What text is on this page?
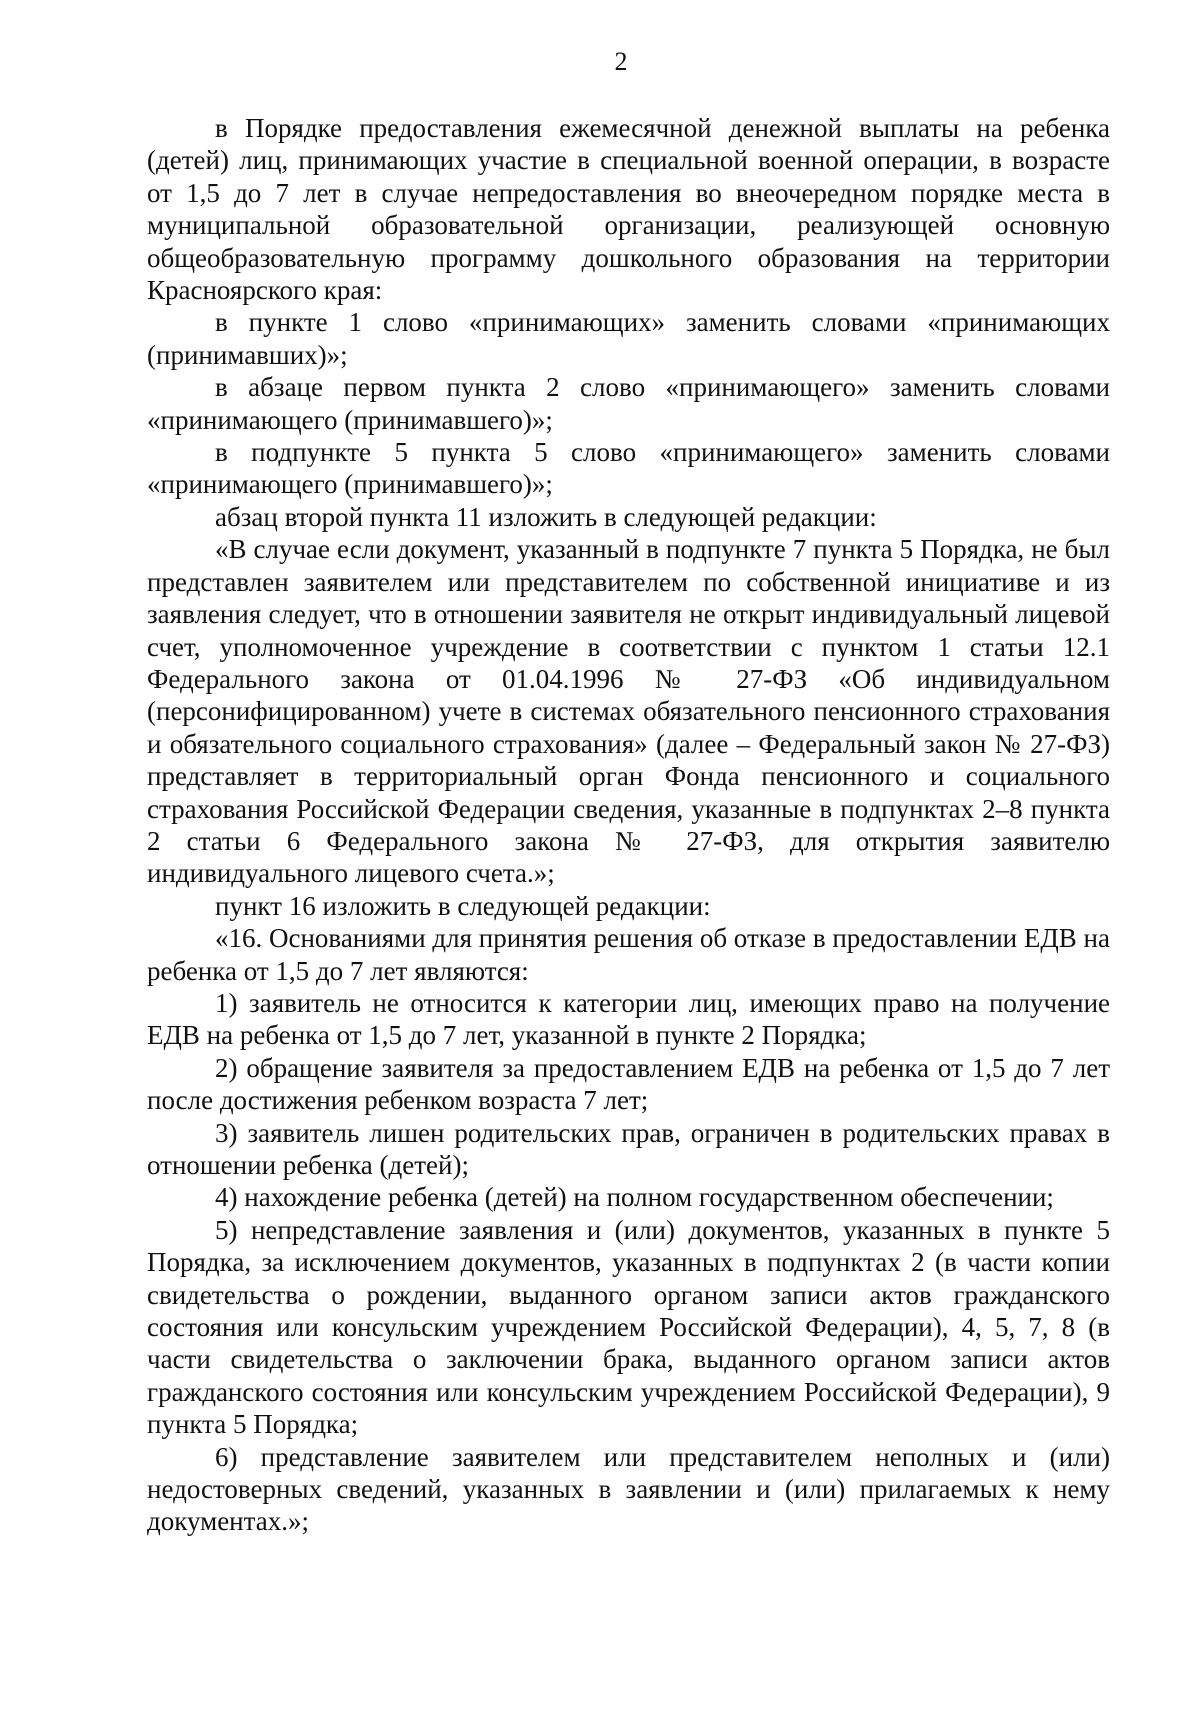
2

в Порядке предоставления ежемесячной денежной выплаты на ребенка (детей) лиц, принимающих участие в специальной военной операции, в возрасте от 1,5 до 7 лет в случае непредоставления во внеочередном порядке места в муниципальной образовательной организации, реализующей основную общеобразовательную программу дошкольного образования на территории Красноярского края:

в пункте 1 слово «принимающих» заменить словами «принимающих (принимавших)»;

в абзаце первом пункта 2 слово «принимающего» заменить словами «принимающего (принимавшего)»;

в подпункте 5 пункта 5 слово «принимающего» заменить словами «принимающего (принимавшего)»;

абзац второй пункта 11 изложить в следующей редакции:

«В случае если документ, указанный в подпункте 7 пункта 5 Порядка, не был представлен заявителем или представителем по собственной инициативе и из заявления следует, что в отношении заявителя не открыт индивидуальный лицевой счет, уполномоченное учреждение в соответствии с пунктом 1 статьи 12.1 Федерального закона от 01.04.1996 № 27-ФЗ «Об индивидуальном (персонифицированном) учете в системах обязательного пенсионного страхования и обязательного социального страхования» (далее – Федеральный закон № 27-ФЗ) представляет в территориальный орган Фонда пенсионного и социального страхования Российской Федерации сведения, указанные в подпунктах 2–8 пункта 2 статьи 6 Федерального закона № 27-ФЗ, для открытия заявителю индивидуального лицевого счета.»;

пункт 16 изложить в следующей редакции:

«16. Основаниями для принятия решения об отказе в предоставлении ЕДВ на ребенка от 1,5 до 7 лет являются:

1) заявитель не относится к категории лиц, имеющих право на получение ЕДВ на ребенка от 1,5 до 7 лет, указанной в пункте 2 Порядка;

2) обращение заявителя за предоставлением ЕДВ на ребенка от 1,5 до 7 лет после достижения ребенком возраста 7 лет;

3) заявитель лишен родительских прав, ограничен в родительских правах в отношении ребенка (детей);

4) нахождение ребенка (детей) на полном государственном обеспечении;

5) непредставление заявления и (или) документов, указанных в пункте 5 Порядка, за исключением документов, указанных в подпунктах 2 (в части копии свидетельства о рождении, выданного органом записи актов гражданского состояния или консульским учреждением Российской Федерации), 4, 5, 7, 8 (в части свидетельства о заключении брака, выданного органом записи актов гражданского состояния или консульским учреждением Российской Федерации), 9 пункта 5 Порядка;

6) представление заявителем или представителем неполных и (или) недостоверных сведений, указанных в заявлении и (или) прилагаемых к нему документах.»;
